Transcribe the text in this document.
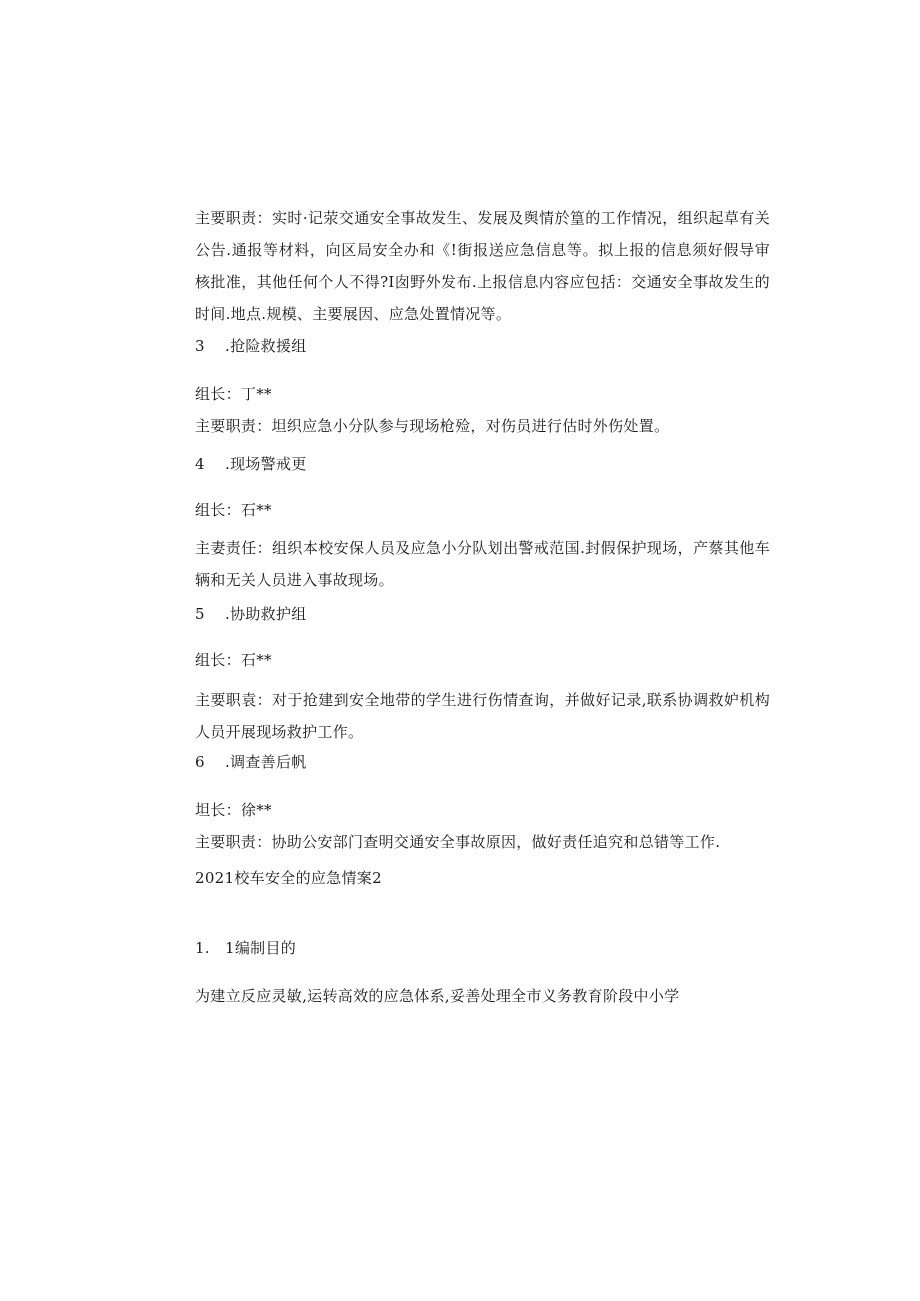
主要职责：实时·记荥交通安全事故发生、发展及舆情於篁的工作情况，组织起草有关公告.通报等材料，向区局安全办和《!街报送应急信息等。拟上报的信息须好假导审核批准，其他任何个人不得?I囱野外发布.上报信息内容应包括：交通安全事故发生的时间.地点.规模、主要展因、应急处置情况等。
3 .抢险救援组
组长：丁**
主要职责：坦织应急小分队参与现场枪殓，对伤员进行估时外伤处置。
4 .现场警戒更
组长：石**
主妻责任：组织本校安保人员及应急小分队划出警戒范国.封假保护现场，产蔡其他车辆和无关人员进入事故现场。
5 .协助救护组
组长：石**
主要职袁：对于抢建到安全地带的学生进行伤情查询，并做好记录,联系协调救妒机构人员开展现场救护工作。
6 .调查善后帆
坦长：徐**
主要职责：协助公安部门查明交通安全事故原因，做好责任追究和总错等工作.
2021校车安全的应急情案2
1. 1编制目的
为建立反应灵敏,运转高效的应急体系,妥善处理全市义务教育阶段中小学
